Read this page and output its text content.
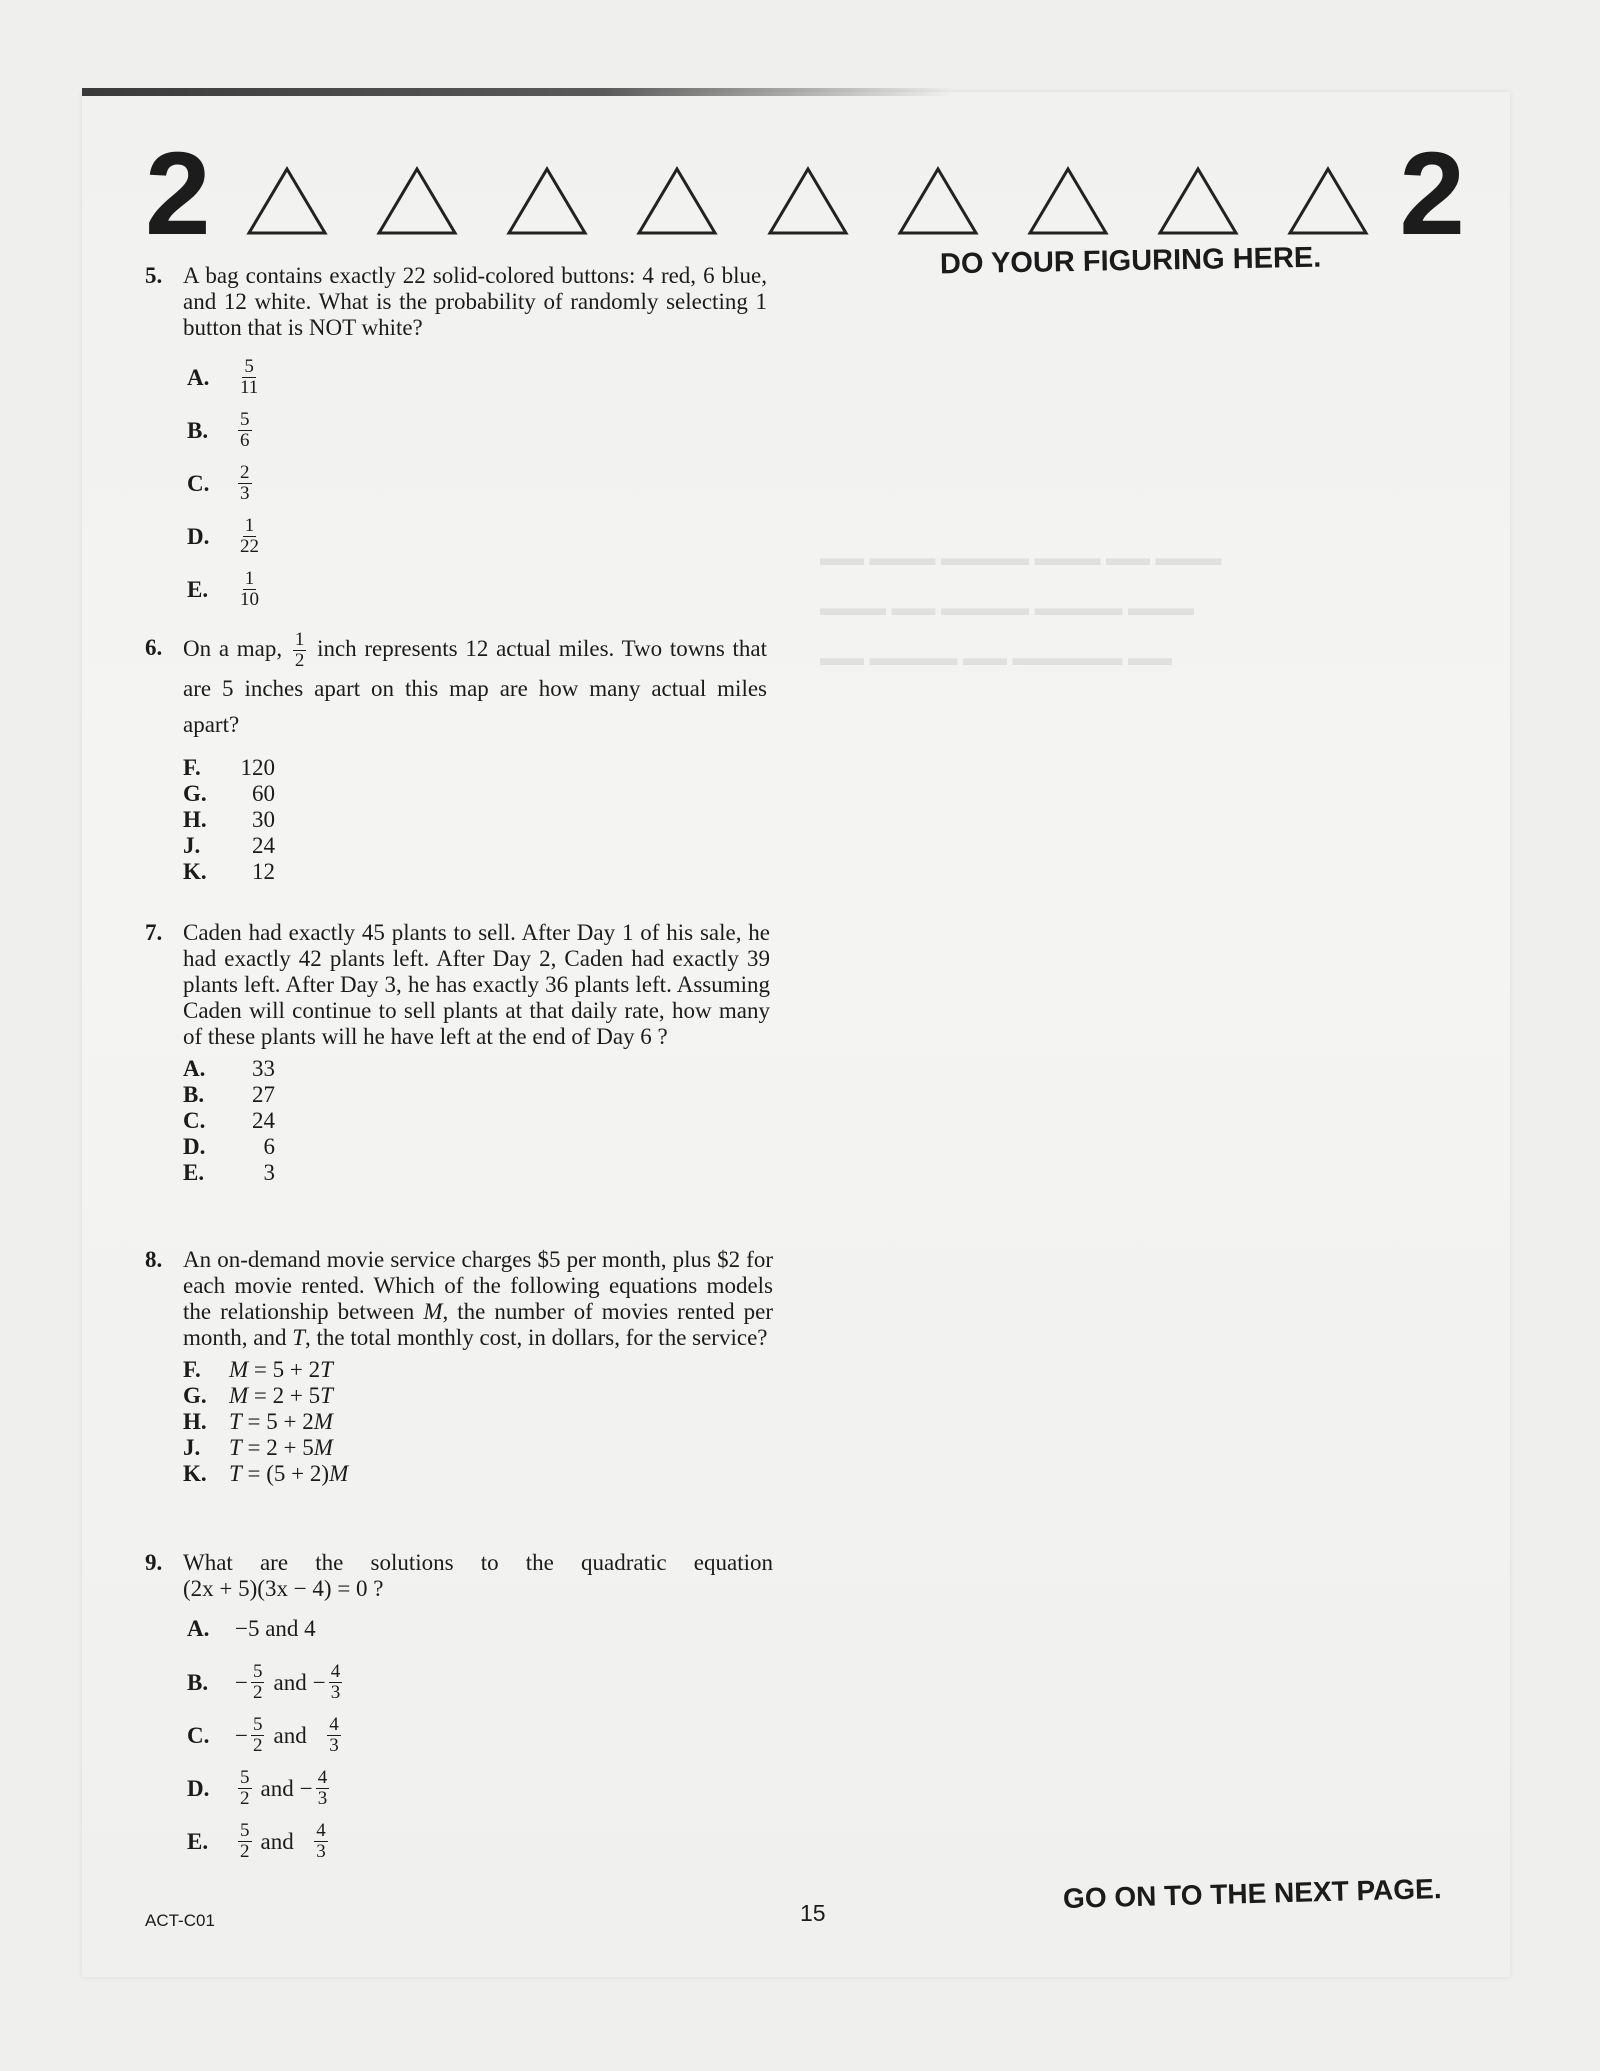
▬▬ ▬▬▬ ▬▬▬▬ ▬▬▬ ▬▬ ▬▬▬
▬▬▬ ▬▬ ▬▬▬▬ ▬▬▬▬ ▬▬▬
▬▬ ▬▬▬▬ ▬▬ ▬▬▬▬▬ ▬▬
2	2
DO YOUR FIGURING HERE.
5. A bag contains exactly 22 solid-colored buttons: 4 red, 6 blue, and 12 white. What is the probability of randomly selecting 1 button that is NOT white?
A. $\frac{5}{11}$
B. $\frac{5}{6}$
C. $\frac{2}{3}$
D. $\frac{1}{22}$
E. $\frac{1}{10}$
6. On a map, $\frac{1}{2}$ inch represents 12 actual miles. Two towns that are 5 inches apart on this map are how many actual miles apart?
F.	120
G.	60
H.	30
J.	24
K.	12
7. Caden had exactly 45 plants to sell. After Day 1 of his sale, he had exactly 42 plants left. After Day 2, Caden had exactly 39 plants left. After Day 3, he has exactly 36 plants left. Assuming Caden will continue to sell plants at that daily rate, how many of these plants will he have left at the end of Day 6 ?
A.	33
B.	27
C.	24
D.	6
E.	3
8. An on-demand movie service charges $5 per month, plus $2 for each movie rented. Which of the following equations models the relationship between M, the number of movies rented per month, and T, the total monthly cost, in dollars, for the service?
F. M = 5 + 2T
G. M = 2 + 5T
H. T = 5 + 2M
J. T = 2 + 5M
K. T = (5 + 2)M
9. What are the solutions to the quadratic equation
(2x + 5)(3x − 4) = 0 ?
A. −5 and 4
B. − $\frac{5}{2}$ and − $\frac{4}{3}$
C. − $\frac{5}{2}$ and
  $\frac{4}{3}$
D. $\frac{5}{2}$ and − $\frac{4}{3}$
E. $\frac{5}{2}$ and
  $\frac{4}{3}$
ACT-C01	15	GO ON TO THE NEXT PAGE.
